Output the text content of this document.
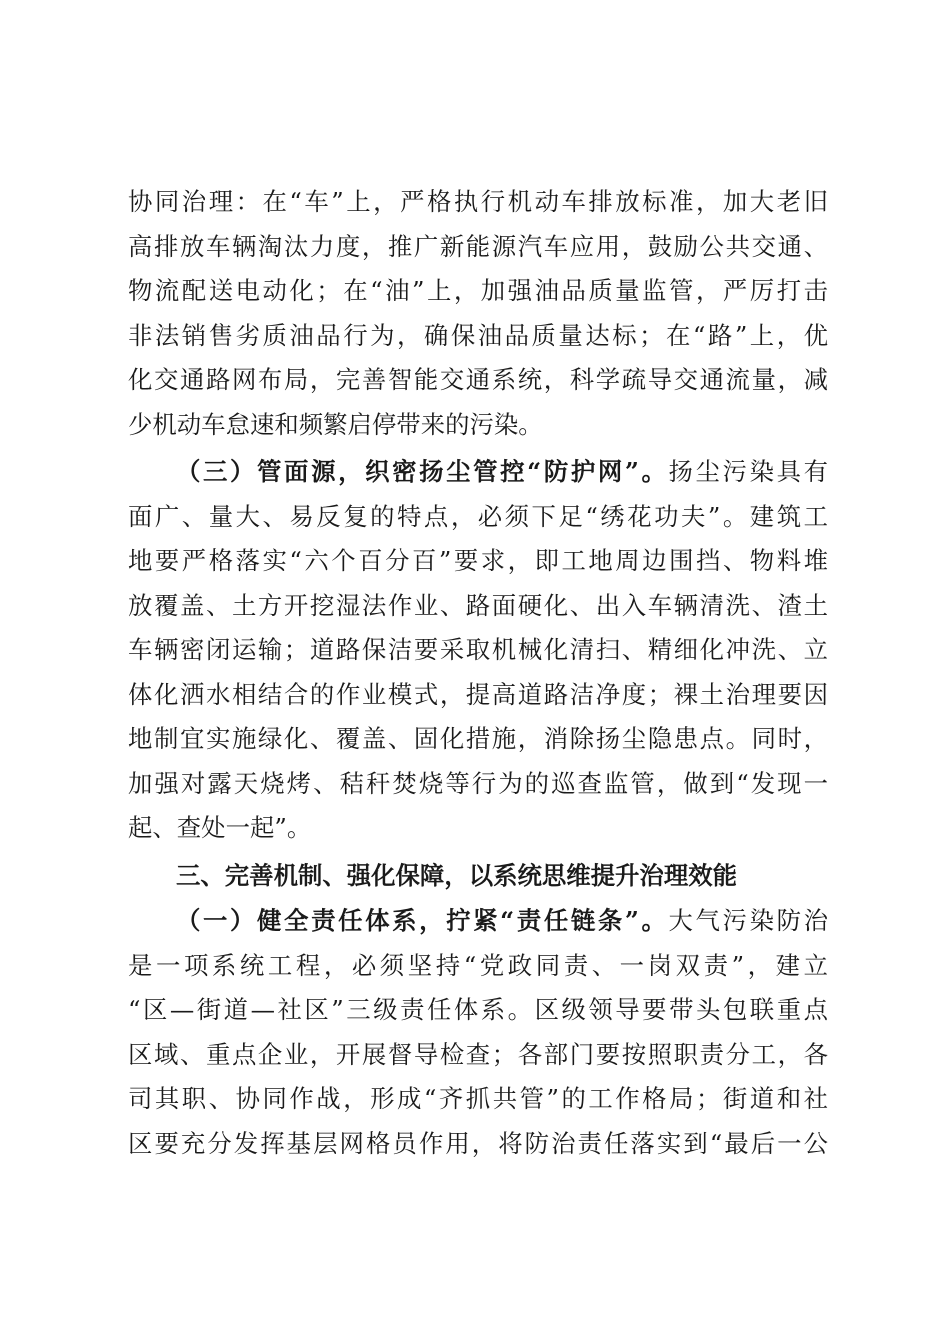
协同治理：在“车”上，严格执行机动车排放标准，加大老旧
高排放车辆淘汰力度，推广新能源汽车应用，鼓励公共交通、
物流配送电动化；在“油”上，加强油品质量监管，严厉打击
非法销售劣质油品行为，确保油品质量达标；在“路”上，优
化交通路网布局，完善智能交通系统，科学疏导交通流量，减
少机动车怠速和频繁启停带来的污染。
（三）管面源，织密扬尘管控“防护网”。扬尘污染具有
面广、量大、易反复的特点，必须下足“绣花功夫”。建筑工
地要严格落实“六个百分百”要求，即工地周边围挡、物料堆
放覆盖、土方开挖湿法作业、路面硬化、出入车辆清洗、渣土
车辆密闭运输；道路保洁要采取机械化清扫、精细化冲洗、立
体化洒水相结合的作业模式，提高道路洁净度；裸土治理要因
地制宜实施绿化、覆盖、固化措施，消除扬尘隐患点。同时，
加强对露天烧烤、秸秆焚烧等行为的巡查监管，做到“发现一
起、查处一起”。
三、完善机制、强化保障，以系统思维提升治理效能
（一）健全责任体系，拧紧“责任链条”。大气污染防治
是一项系统工程，必须坚持“党政同责、一岗双责”，建立
“区—街道—社区”三级责任体系。区级领导要带头包联重点
区域、重点企业，开展督导检查；各部门要按照职责分工，各
司其职、协同作战，形成“齐抓共管”的工作格局；街道和社
区要充分发挥基层网格员作用，将防治责任落实到“最后一公
